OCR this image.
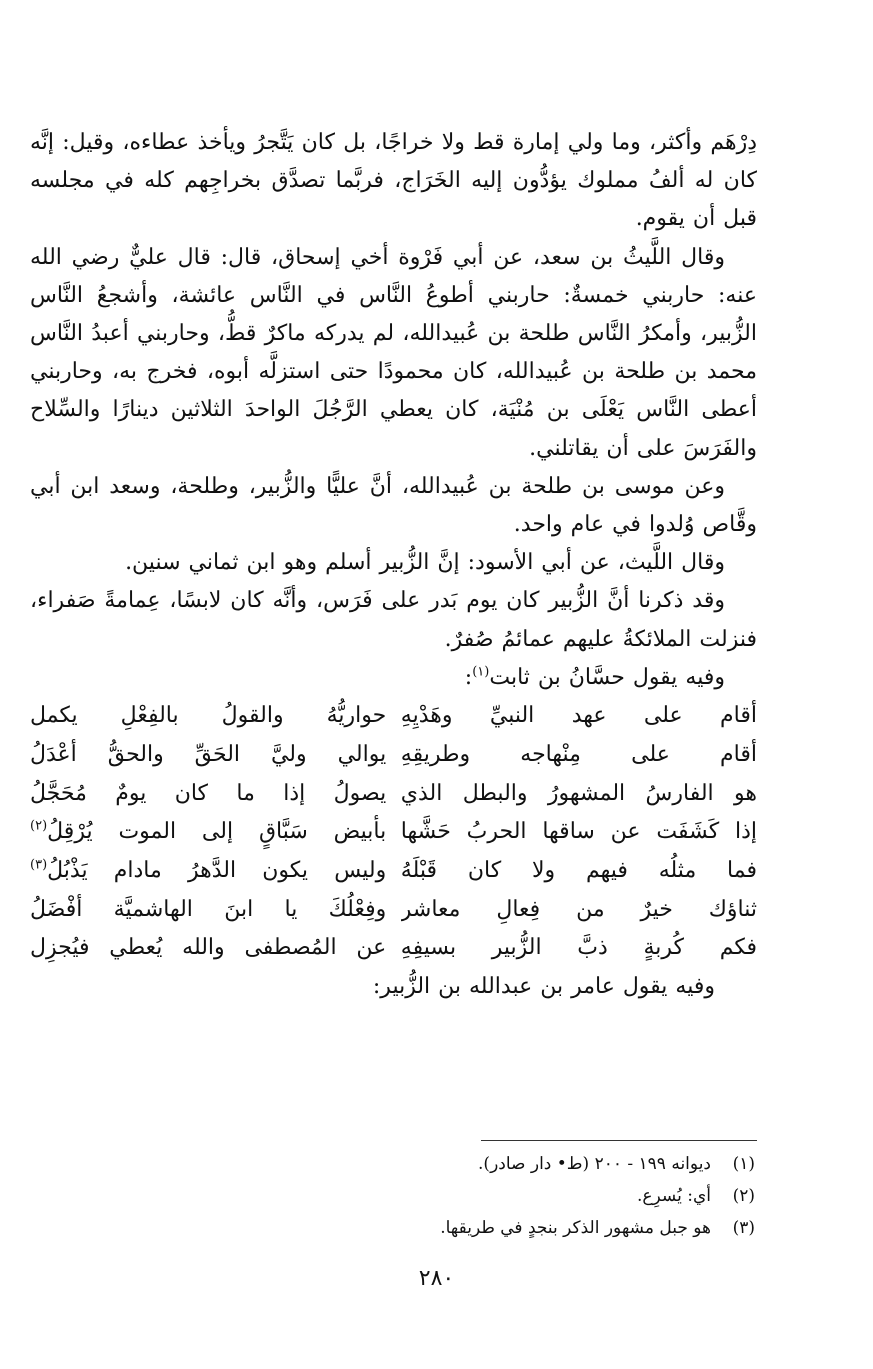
دِرْهَم وأكثر، وما ولي إمارة قط ولا خراجًا، بل كان يَتَّجرُ ويأخذ عطاءه، وقيل: إنَّه كان له ألفُ مملوك يؤدُّون إليه الخَرَاج، فربَّما تصدَّق بخراجِهم كله في مجلسه قبل أن يقوم.

وقال اللَّيثُ بن سعد، عن أبي فَرْوة أخي إسحاق، قال: قال عليٌّ رضي الله عنه: حاربني خمسةٌ: حاربني أطوعُ النَّاس في النَّاس عائشة، وأشجعُ النَّاس الزُّبير، وأمكرُ النَّاس طلحة بن عُبيدالله، لم يدركه ماكرٌ قطُّ، وحاربني أعبدُ النَّاس محمد بن طلحة بن عُبيدالله، كان محمودًا حتى استزلَّه أبوه، فخرج به، وحاربني أعطى النَّاس يَعْلَى بن مُنْيَة، كان يعطي الرَّجُلَ الواحدَ الثلاثين دينارًا والسِّلاح والفَرَسَ على أن يقاتلني.

وعن موسى بن طلحة بن عُبيدالله، أنَّ عليًّا والزُّبير، وطلحة، وسعد ابن أبي وقَّاص وُلدوا في عام واحد.

وقال اللَّيث، عن أبي الأسود: إنَّ الزُّبير أسلم وهو ابن ثماني سنين.

وقد ذكرنا أنَّ الزُّبير كان يوم بَدر على فَرَس، وأنَّه كان لابسًا، عِمامةً صَفراء، فنزلت الملائكةُ عليهم عمائمُ صُفرٌ.

وفيه يقول حسَّانُ بن ثابت$^{(١)}$:

أقام على عهد النبيِّ وهَدْيِهِ
حواريُّهُ والقولُ بالفِعْلِ يكمل
أقام على مِنْهاجه وطريقِهِ
يوالي وليَّ الحَقِّ والحقُّ أعْدَلُ
هو الفارسُ المشهورُ والبطل الذي
يصولُ إذا ما كان يومٌ مُحَجَّلُ
إذا كَشَفَت عن ساقها الحربُ حَشَّها
بأبيض سَبَّاقٍ إلى الموت يُرْقِلُ$^{(٢)}$
فما مثلُه فيهم ولا كان قَبْلَهُ
وليس يكون الدَّهرُ مادام يَذْبُلُ$^{(٣)}$
ثناؤك خيرٌ من فِعالِ معاشر
وفِعْلُكَ يا ابنَ الهاشميَّة أفْضَلُ
فكم كُربةٍ ذبَّ الزُّبير بسيفِهِ
عن المُصطفى والله يُعطي فيُجزِل

وفيه يقول عامر بن عبدالله بن الزُّبير:

(١)
ديوانه ١٩٩ - ٢٠٠ (ط• دار صادر).
(٢)
أي: يُسرِع.
(٣)
هو جبل مشهور الذكر بنجدٍ في طريقها.
٢٨٠
